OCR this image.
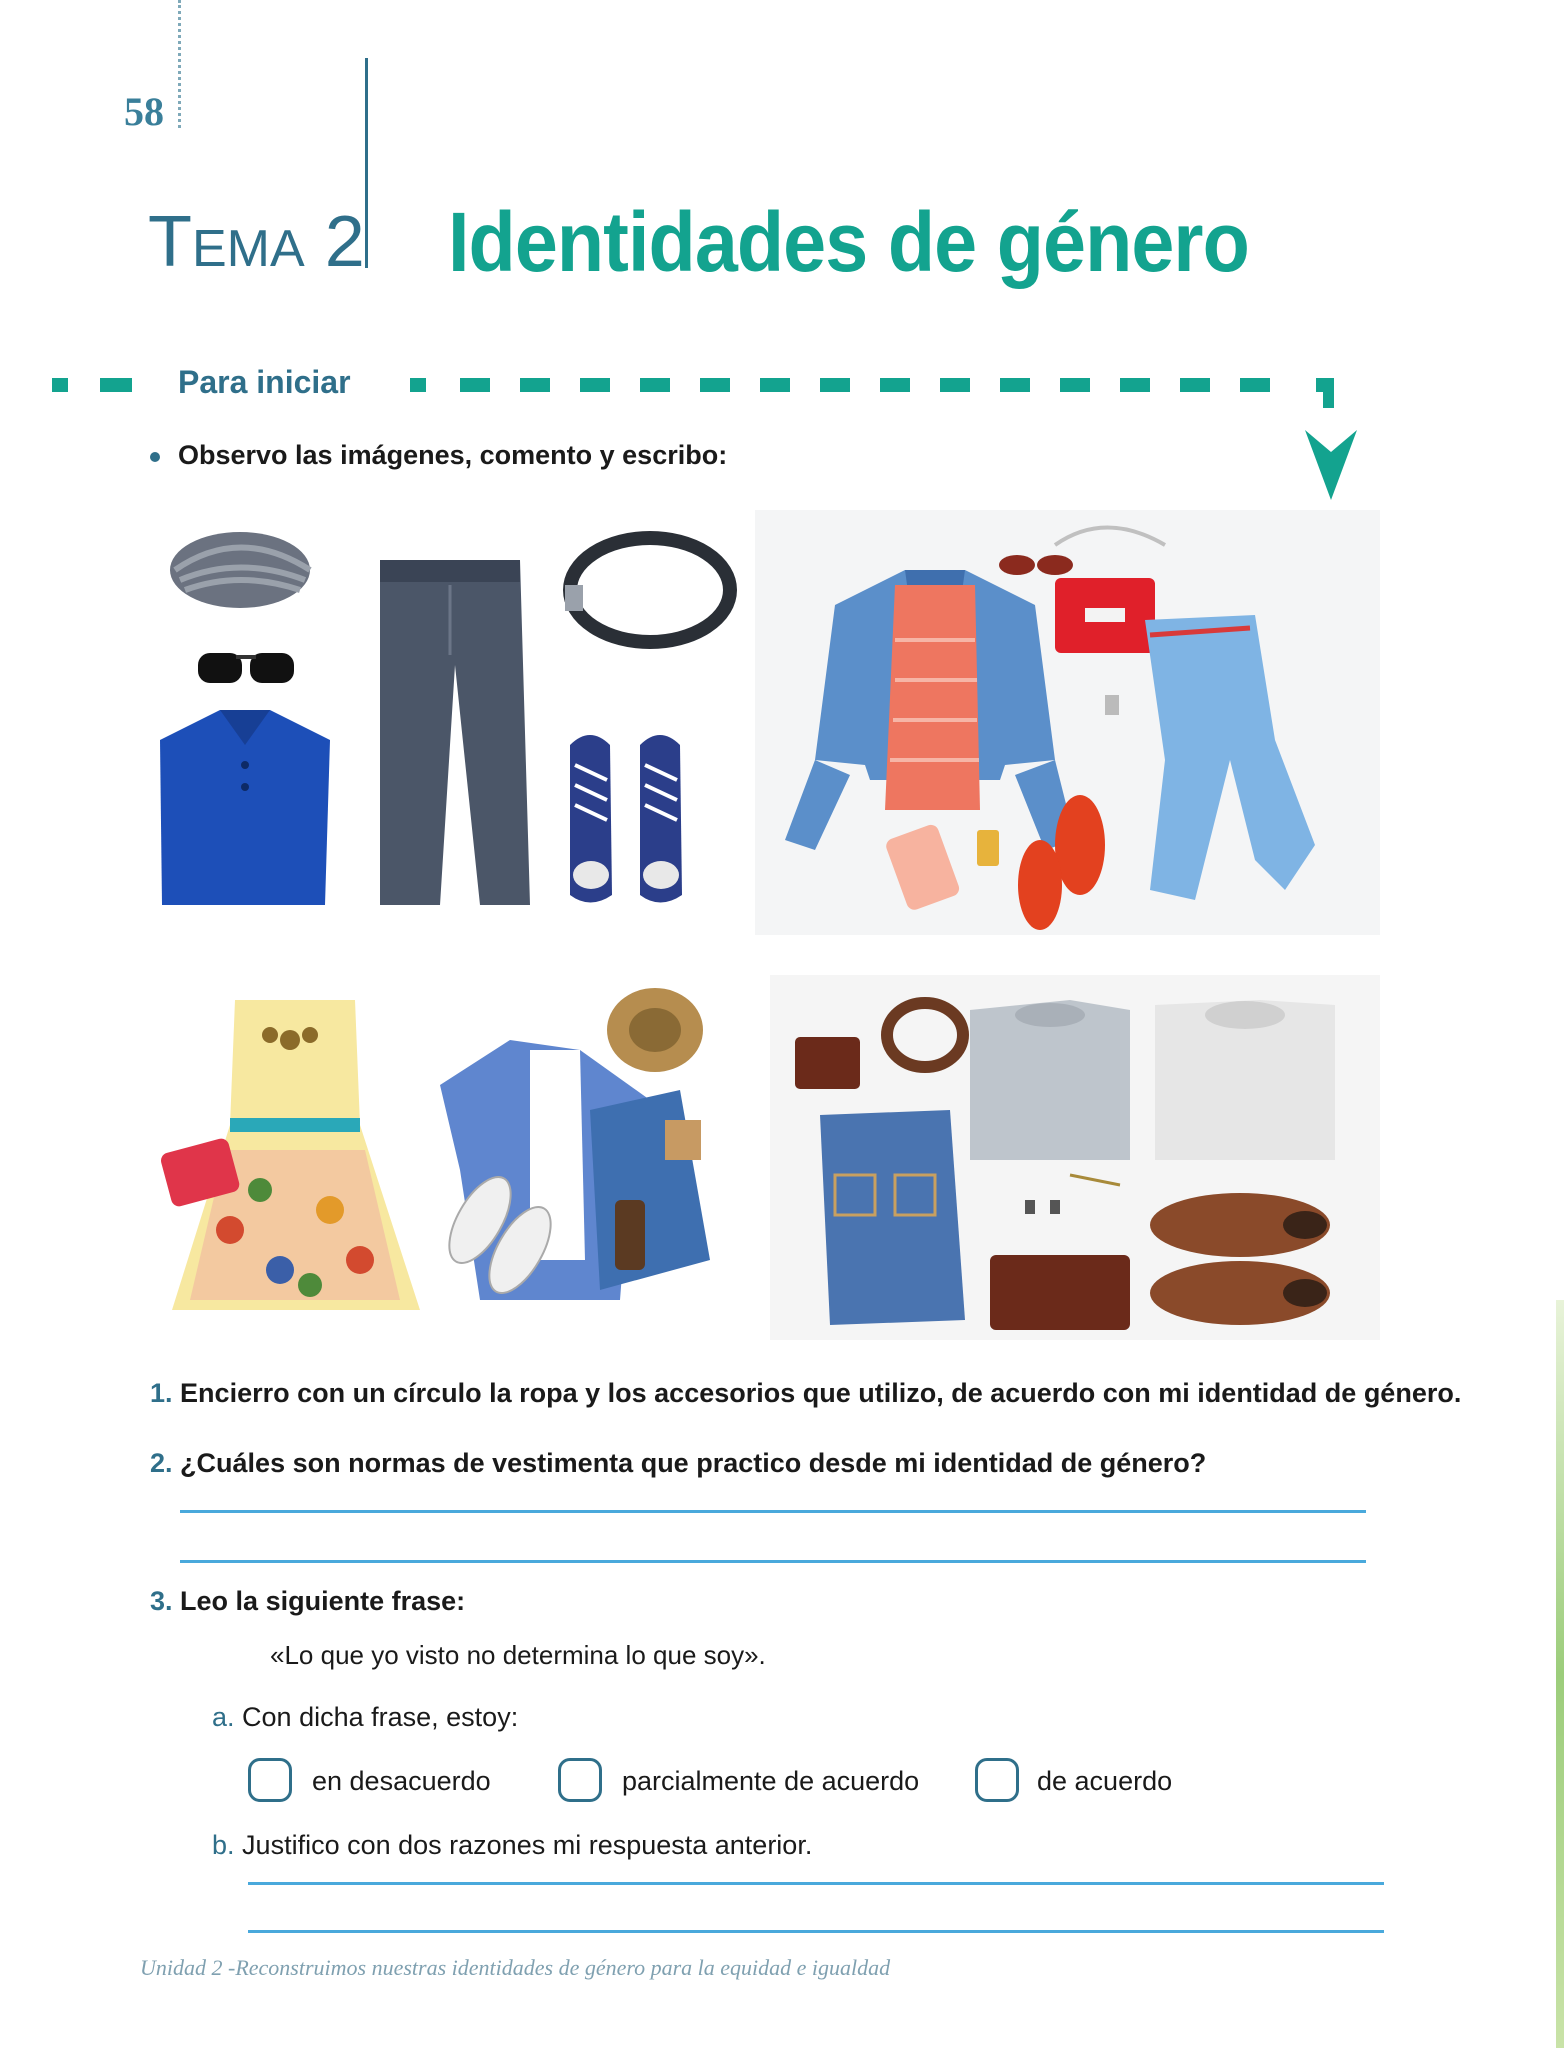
58
TEMA 2 Identidades de género
Para iniciar
Observo las imágenes, comento y escribo:
1. Encierro con un círculo la ropa y los accesorios que utilizo, de acuerdo con mi identidad de género.
2. ¿Cuáles son normas de vestimenta que practico desde mi identidad de género?
3. Leo la siguiente frase:
«Lo que yo visto no determina lo que soy».
a. Con dicha frase, estoy:
en desacuerdo	parcialmente de acuerdo	de acuerdo
b. Justifico con dos razones mi respuesta anterior.
Unidad 2 -Reconstruimos nuestras identidades de género para la equidad e igualdad
